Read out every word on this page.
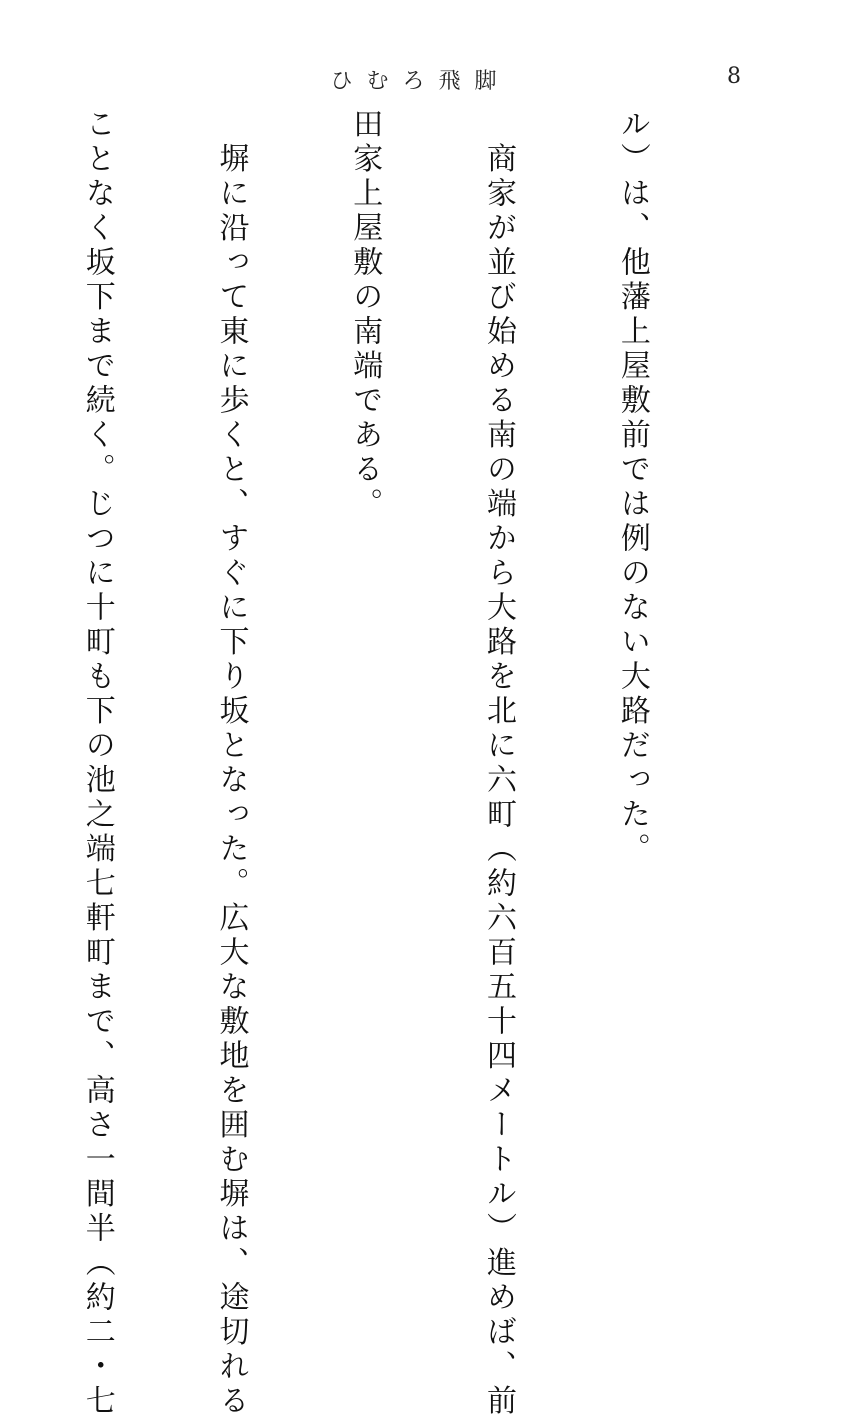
ひむろ飛脚	8

ル）は、他藩上屋敷前では例のない大路だった。

　商家が並び始める南の端から大路を北に六町（約六百五十四メートル）進めば、前

田家上屋敷の南端である。

　塀に沿って東に歩くと、すぐに下り坂となった。広大な敷地を囲む塀は、途切れる

ことなく坂下まで続く。じつに十町も下の池之端七軒町まで、高さ一間半（約二・七
